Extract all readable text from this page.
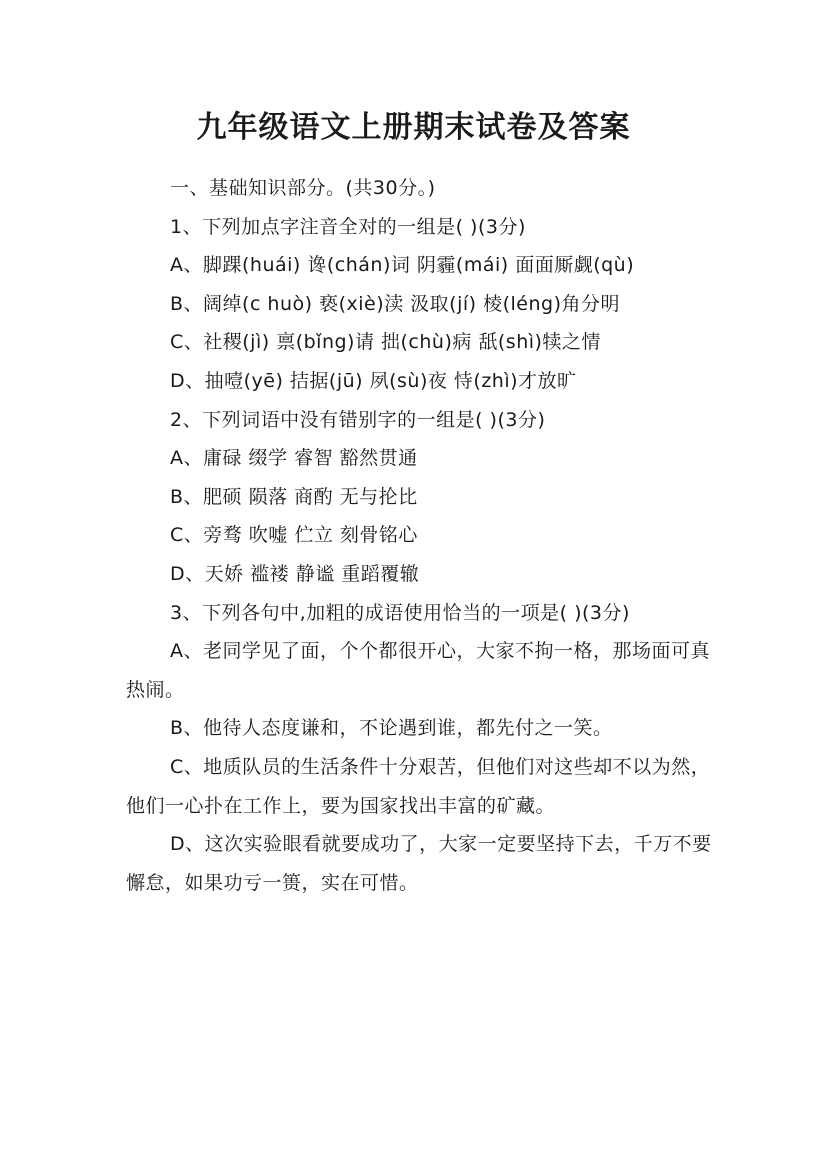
九年级语文上册期末试卷及答案

一、基础知识部分。(共30分。)

1、下列加点字注音全对的一组是( )(3分)

A、脚踝(huái) 谗(chán)词 阴霾(mái) 面面厮觑(qù)

B、阔绰(c huò) 亵(xiè)渎 汲取(jí) 棱(léng)角分明

C、社稷(jì) 禀(bǐng)请 拙(chù)病 舐(shì)犊之情

D、抽噎(yē) 拮据(jū) 夙(sù)夜 恃(zhì)才放旷

2、下列词语中没有错别字的一组是( )(3分)

A、庸碌 缀学 睿智 豁然贯通

B、肥硕 陨落 商酌 无与抡比

C、旁骛 吹嘘 伫立 刻骨铭心

D、天娇 褴褛 静谧 重蹈覆辙

3、下列各句中,加粗的成语使用恰当的一项是( )(3分)

A、老同学见了面，个个都很开心，大家不拘一格，那场面可真热闹。

B、他待人态度谦和，不论遇到谁，都先付之一笑。

C、地质队员的生活条件十分艰苦，但他们对这些却不以为然，他们一心扑在工作上，要为国家找出丰富的矿藏。

D、这次实验眼看就要成功了，大家一定要坚持下去，千万不要懈怠，如果功亏一篑，实在可惜。
